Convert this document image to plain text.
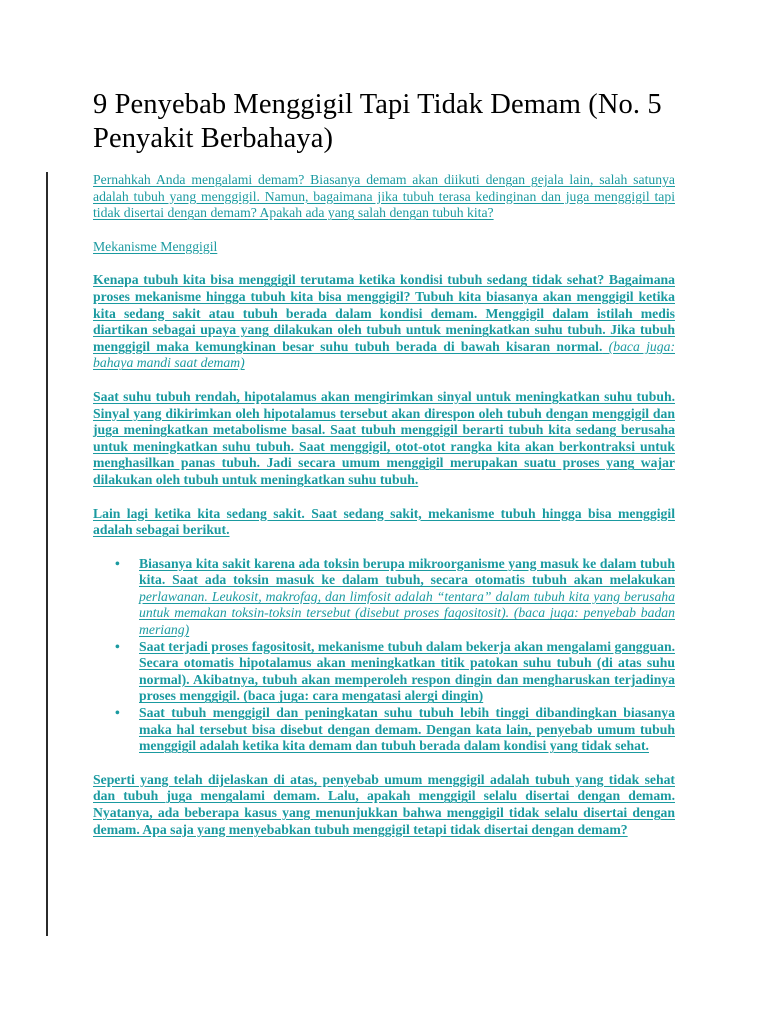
9 Penyebab Menggigil Tapi Tidak Demam (No. 5 Penyakit Berbahaya)

Pernahkah Anda mengalami demam? Biasanya demam akan diikuti dengan gejala lain, salah satunya adalah tubuh yang menggigil. Namun, bagaimana jika tubuh terasa kedinginan dan juga menggigil tapi tidak disertai dengan demam? Apakah ada yang salah dengan tubuh kita?

Mekanisme Menggigil

Kenapa tubuh kita bisa menggigil terutama ketika kondisi tubuh sedang tidak sehat? Bagaimana proses mekanisme hingga tubuh kita bisa menggigil? Tubuh kita biasanya akan menggigil ketika kita sedang sakit atau tubuh berada dalam kondisi demam. Menggigil dalam istilah medis diartikan sebagai upaya yang dilakukan oleh tubuh untuk meningkatkan suhu tubuh. Jika tubuh menggigil maka kemungkinan besar suhu tubuh berada di bawah kisaran normal. (baca juga: bahaya mandi saat demam)

Saat suhu tubuh rendah, hipotalamus akan mengirimkan sinyal untuk meningkatkan suhu tubuh. Sinyal yang dikirimkan oleh hipotalamus tersebut akan direspon oleh tubuh dengan menggigil dan juga meningkatkan metabolisme basal. Saat tubuh menggigil berarti tubuh kita sedang berusaha untuk meningkatkan suhu tubuh. Saat menggigil, otot-otot rangka kita akan berkontraksi untuk menghasilkan panas tubuh. Jadi secara umum menggigil merupakan suatu proses yang wajar dilakukan oleh tubuh untuk meningkatkan suhu tubuh.

Lain lagi ketika kita sedang sakit. Saat sedang sakit, mekanisme tubuh hingga bisa menggigil adalah sebagai berikut.

• Biasanya kita sakit karena ada toksin berupa mikroorganisme yang masuk ke dalam tubuh kita. Saat ada toksin masuk ke dalam tubuh, secara otomatis tubuh akan melakukan perlawanan. Leukosit, makrofag, dan limfosit adalah “tentara” dalam tubuh kita yang berusaha untuk memakan toksin-toksin tersebut (disebut proses fagositosit). (baca juga: penyebab badan meriang)
• Saat terjadi proses fagositosit, mekanisme tubuh dalam bekerja akan mengalami gangguan. Secara otomatis hipotalamus akan meningkatkan titik patokan suhu tubuh (di atas suhu normal). Akibatnya, tubuh akan memperoleh respon dingin dan mengharuskan terjadinya proses menggigil. (baca juga: cara mengatasi alergi dingin)
• Saat tubuh menggigil dan peningkatan suhu tubuh lebih tinggi dibandingkan biasanya maka hal tersebut bisa disebut dengan demam. Dengan kata lain, penyebab umum tubuh menggigil adalah ketika kita demam dan tubuh berada dalam kondisi yang tidak sehat.

Seperti yang telah dijelaskan di atas, penyebab umum menggigil adalah tubuh yang tidak sehat dan tubuh juga mengalami demam. Lalu, apakah menggigil selalu disertai dengan demam. Nyatanya, ada beberapa kasus yang menunjukkan bahwa menggigil tidak selalu disertai dengan demam. Apa saja yang menyebabkan tubuh menggigil tetapi tidak disertai dengan demam?
